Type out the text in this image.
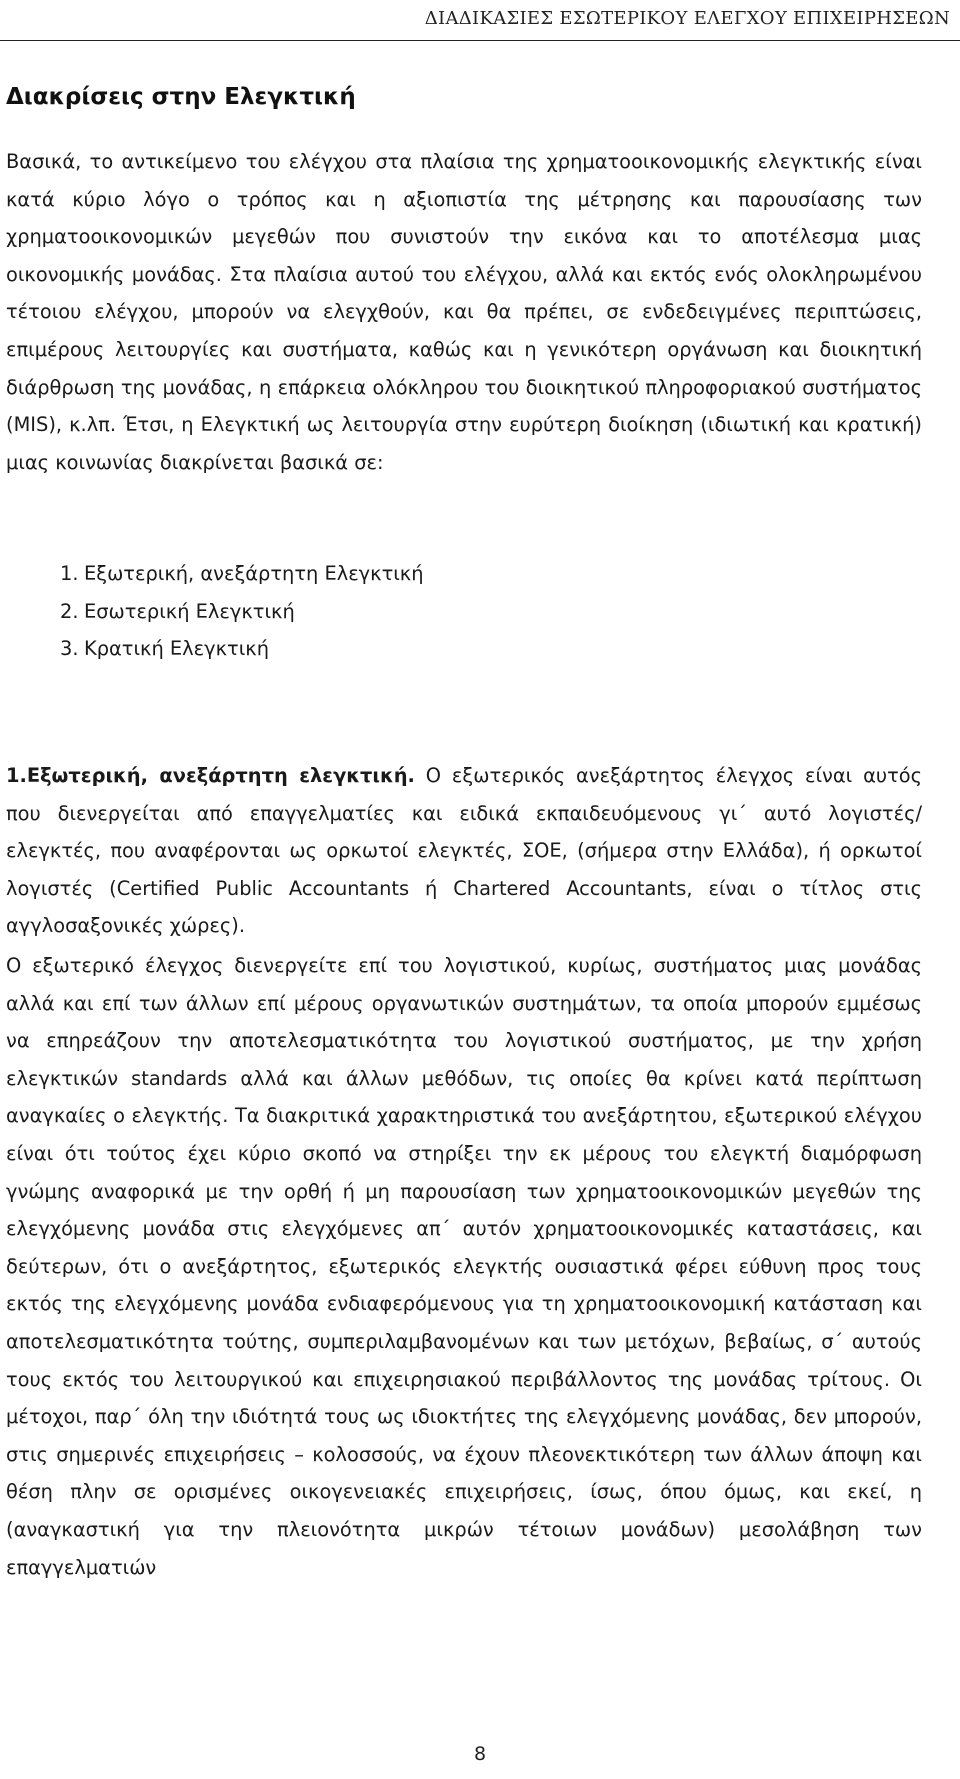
ΔΙΑΔΙΚΑΣΙΕΣ ΕΣΩΤΕΡΙΚΟΥ ΕΛΕΓΧΟΥ ΕΠΙΧΕΙΡΗΣΕΩΝ
Διακρίσεις στην Ελεγκτική

Βασικά, το αντικείμενο του ελέγχου στα πλαίσια της χρηματοοικονομικής ελεγκτικής είναι κατά κύριο λόγο ο τρόπος και η αξιοπιστία της μέτρησης και παρουσίασης των χρηματοοικονομικών μεγεθών που συνιστούν την εικόνα και το αποτέλεσμα μιας οικονομικής μονάδας. Στα πλαίσια αυτού του ελέγχου, αλλά και εκτός ενός ολοκληρωμένου τέτοιου ελέγχου, μπορούν να ελεγχθούν, και θα πρέπει, σε ενδεδειγμένες περιπτώσεις, επιμέρους λειτουργίες και συστήματα, καθώς και η γενικότερη οργάνωση και διοικητική διάρθρωση της μονάδας, η επάρκεια ολόκληρου του διοικητικού πληροφοριακού συστήματος (MIS), κ.λπ. Έτσι, η Ελεγκτική ως λειτουργία στην ευρύτερη διοίκηση (ιδιωτική και κρατική) μιας κοινωνίας διακρίνεται βασικά σε:

1. Εξωτερική, ανεξάρτητη Ελεγκτική
2. Εσωτερική Ελεγκτική
3. Κρατική Ελεγκτική

1.Εξωτερική, ανεξάρτητη ελεγκτική. Ο εξωτερικός ανεξάρτητος έλεγχος είναι αυτός που διενεργείται από επαγγελματίες και ειδικά εκπαιδευόμενους γι΄ αυτό λογιστές/ ελεγκτές, που αναφέρονται ως ορκωτοί ελεγκτές, ΣΟΕ, (σήμερα στην Ελλάδα), ή ορκωτοί λογιστές (Certified Public Accountants ή Chartered Accountants, είναι ο τίτλος στις αγγλοσαξονικές χώρες).

Ο εξωτερικό έλεγχος διενεργείτε επί του λογιστικού, κυρίως, συστήματος μιας μονάδας αλλά και επί των άλλων επί μέρους οργανωτικών συστημάτων, τα οποία μπορούν εμμέσως να επηρεάζουν την αποτελεσματικότητα του λογιστικού συστήματος, με την χρήση ελεγκτικών standards αλλά και άλλων μεθόδων, τις οποίες θα κρίνει κατά περίπτωση αναγκαίες ο ελεγκτής. Τα διακριτικά χαρακτηριστικά του ανεξάρτητου, εξωτερικού ελέγχου είναι ότι τούτος έχει κύριο σκοπό να στηρίξει την εκ μέρους του ελεγκτή διαμόρφωση γνώμης αναφορικά με την ορθή ή μη παρουσίαση των χρηματοοικονομικών μεγεθών της ελεγχόμενης μονάδα στις ελεγχόμενες απ΄ αυτόν χρηματοοικονομικές καταστάσεις, και δεύτερων, ότι ο ανεξάρτητος, εξωτερικός ελεγκτής ουσιαστικά φέρει εύθυνη προς τους εκτός της ελεγχόμενης μονάδα ενδιαφερόμενους για τη χρηματοοικονομική κατάσταση και αποτελεσματικότητα τούτης, συμπεριλαμβανομένων και των μετόχων, βεβαίως, σ΄ αυτούς τους εκτός του λειτουργικού και επιχειρησιακού περιβάλλοντος της μονάδας τρίτους. Οι μέτοχοι, παρ΄ όλη την ιδιότητά τους ως ιδιοκτήτες της ελεγχόμενης μονάδας, δεν μπορούν, στις σημερινές επιχειρήσεις – κολοσσούς, να έχουν πλεονεκτικότερη των άλλων άποψη και θέση πλην σε ορισμένες οικογενειακές επιχειρήσεις, ίσως, όπου όμως, και εκεί, η (αναγκαστική για την πλειονότητα μικρών τέτοιων μονάδων) μεσολάβηση των επαγγελματιών

8
